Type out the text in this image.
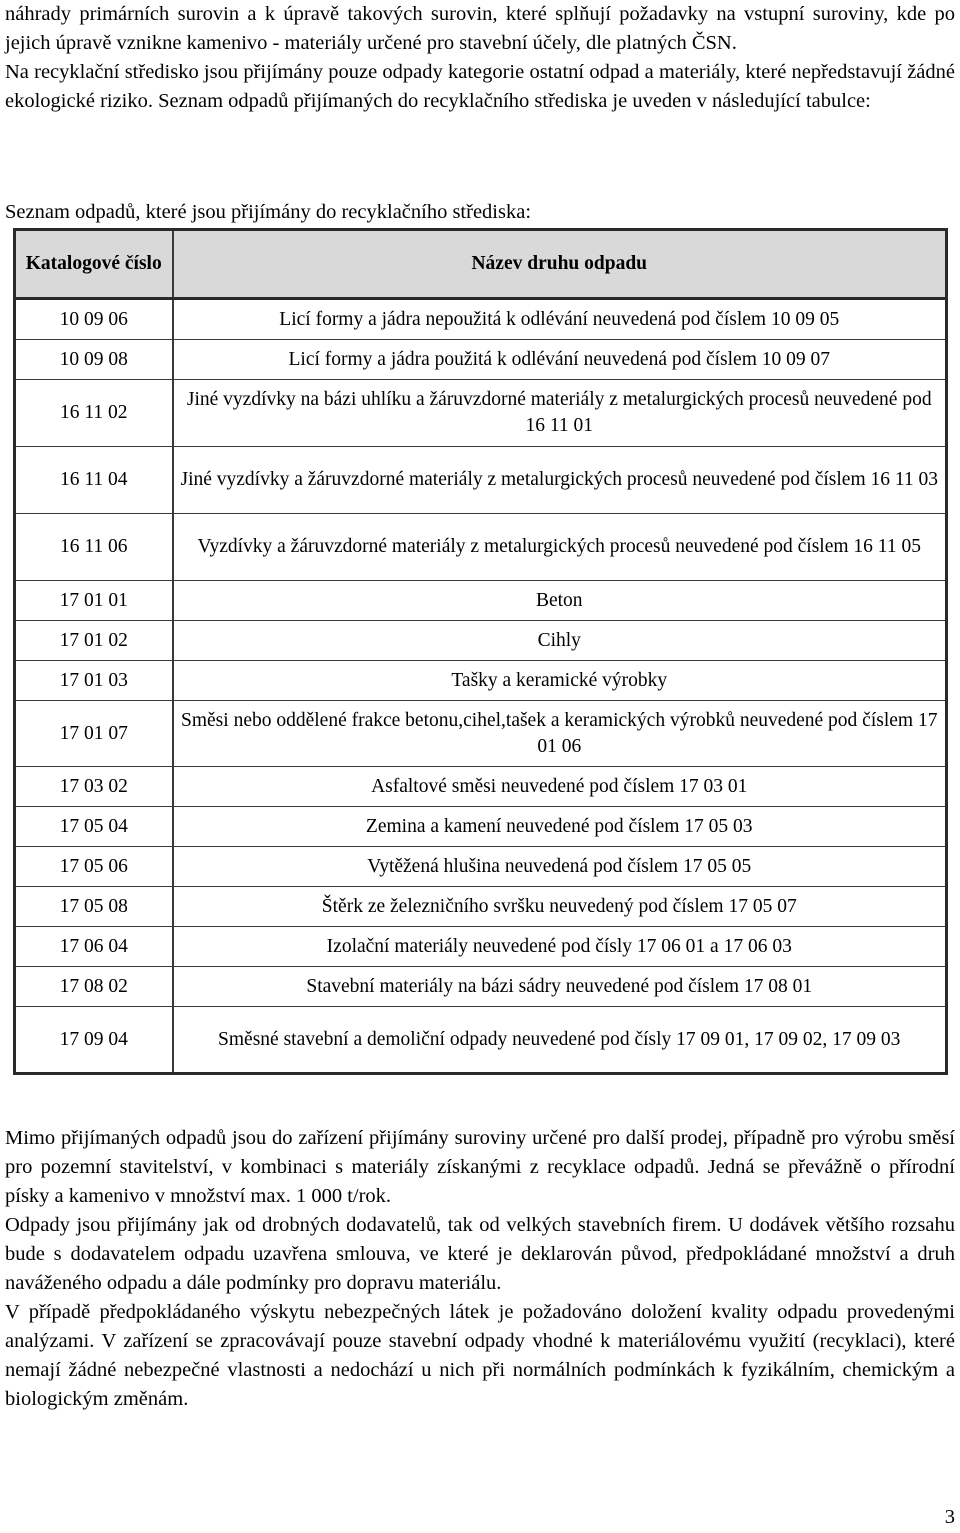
náhrady primárních surovin a k úpravě takových surovin, které splňují požadavky na vstupní suroviny, kde po jejich úpravě vznikne kamenivo - materiály určené pro stavební účely, dle platných ČSN.

Na recyklační středisko jsou přijímány pouze odpady kategorie ostatní odpad a materiály, které nepředstavují žádné ekologické riziko. Seznam odpadů přijímaných do recyklačního střediska je uveden v následující tabulce:

Seznam odpadů, které jsou přijímány do recyklačního střediska:
Katalogové číslo	Název druhu odpadu
10 09 06	Licí formy a jádra nepoužitá k odlévání neuvedená pod číslem 10 09 05
10 09 08	Licí formy a jádra použitá k odlévání neuvedená pod číslem 10 09 07
16 11 02	Jiné vyzdívky na bázi uhlíku a žáruvzdorné materiály z metalurgických procesů neuvedené pod 16 11 01
16 11 04	Jiné vyzdívky a žáruvzdorné materiály z metalurgických procesů neuvedené pod číslem 16 11 03
16 11 06	Vyzdívky a žáruvzdorné materiály z metalurgických procesů neuvedené pod číslem 16 11 05
17 01 01	Beton
17 01 02	Cihly
17 01 03	Tašky a keramické výrobky
17 01 07	Směsi nebo oddělené frakce betonu,cihel,tašek a keramických výrobků neuvedené pod číslem 17 01 06
17 03 02	Asfaltové směsi neuvedené pod číslem 17 03 01
17 05 04	Zemina a kamení neuvedené pod číslem 17 05 03
17 05 06	Vytěžená hlušina neuvedená pod číslem 17 05 05
17 05 08	Štěrk ze železničního svršku neuvedený pod číslem 17 05 07
17 06 04	Izolační materiály neuvedené pod čísly 17 06 01 a 17 06 03
17 08 02	Stavební materiály na bázi sádry neuvedené pod číslem 17 08 01
17 09 04	Směsné stavební a demoliční odpady neuvedené pod čísly 17 09 01, 17 09 02, 17 09 03

Mimo přijímaných odpadů jsou do zařízení přijímány suroviny určené pro další prodej, případně pro výrobu směsí pro pozemní stavitelství, v kombinaci s materiály získanými z recyklace odpadů. Jedná se převážně o přírodní písky a kamenivo v množství max. 1 000 t/rok.

Odpady jsou přijímány jak od drobných dodavatelů, tak od velkých stavebních firem. U dodávek většího rozsahu bude s dodavatelem odpadu uzavřena smlouva, ve které je deklarován původ, předpokládané množství a druh naváženého odpadu a dále podmínky pro dopravu materiálu.

V případě předpokládaného výskytu nebezpečných látek je požadováno doložení kvality odpadu provedenými analýzami. V zařízení se zpracovávají pouze stavební odpady vhodné k materiálovému využití (recyklaci), které nemají žádné nebezpečné vlastnosti a nedochází u nich při normálních podmínkách k fyzikálním, chemickým a biologickým změnám.

3
